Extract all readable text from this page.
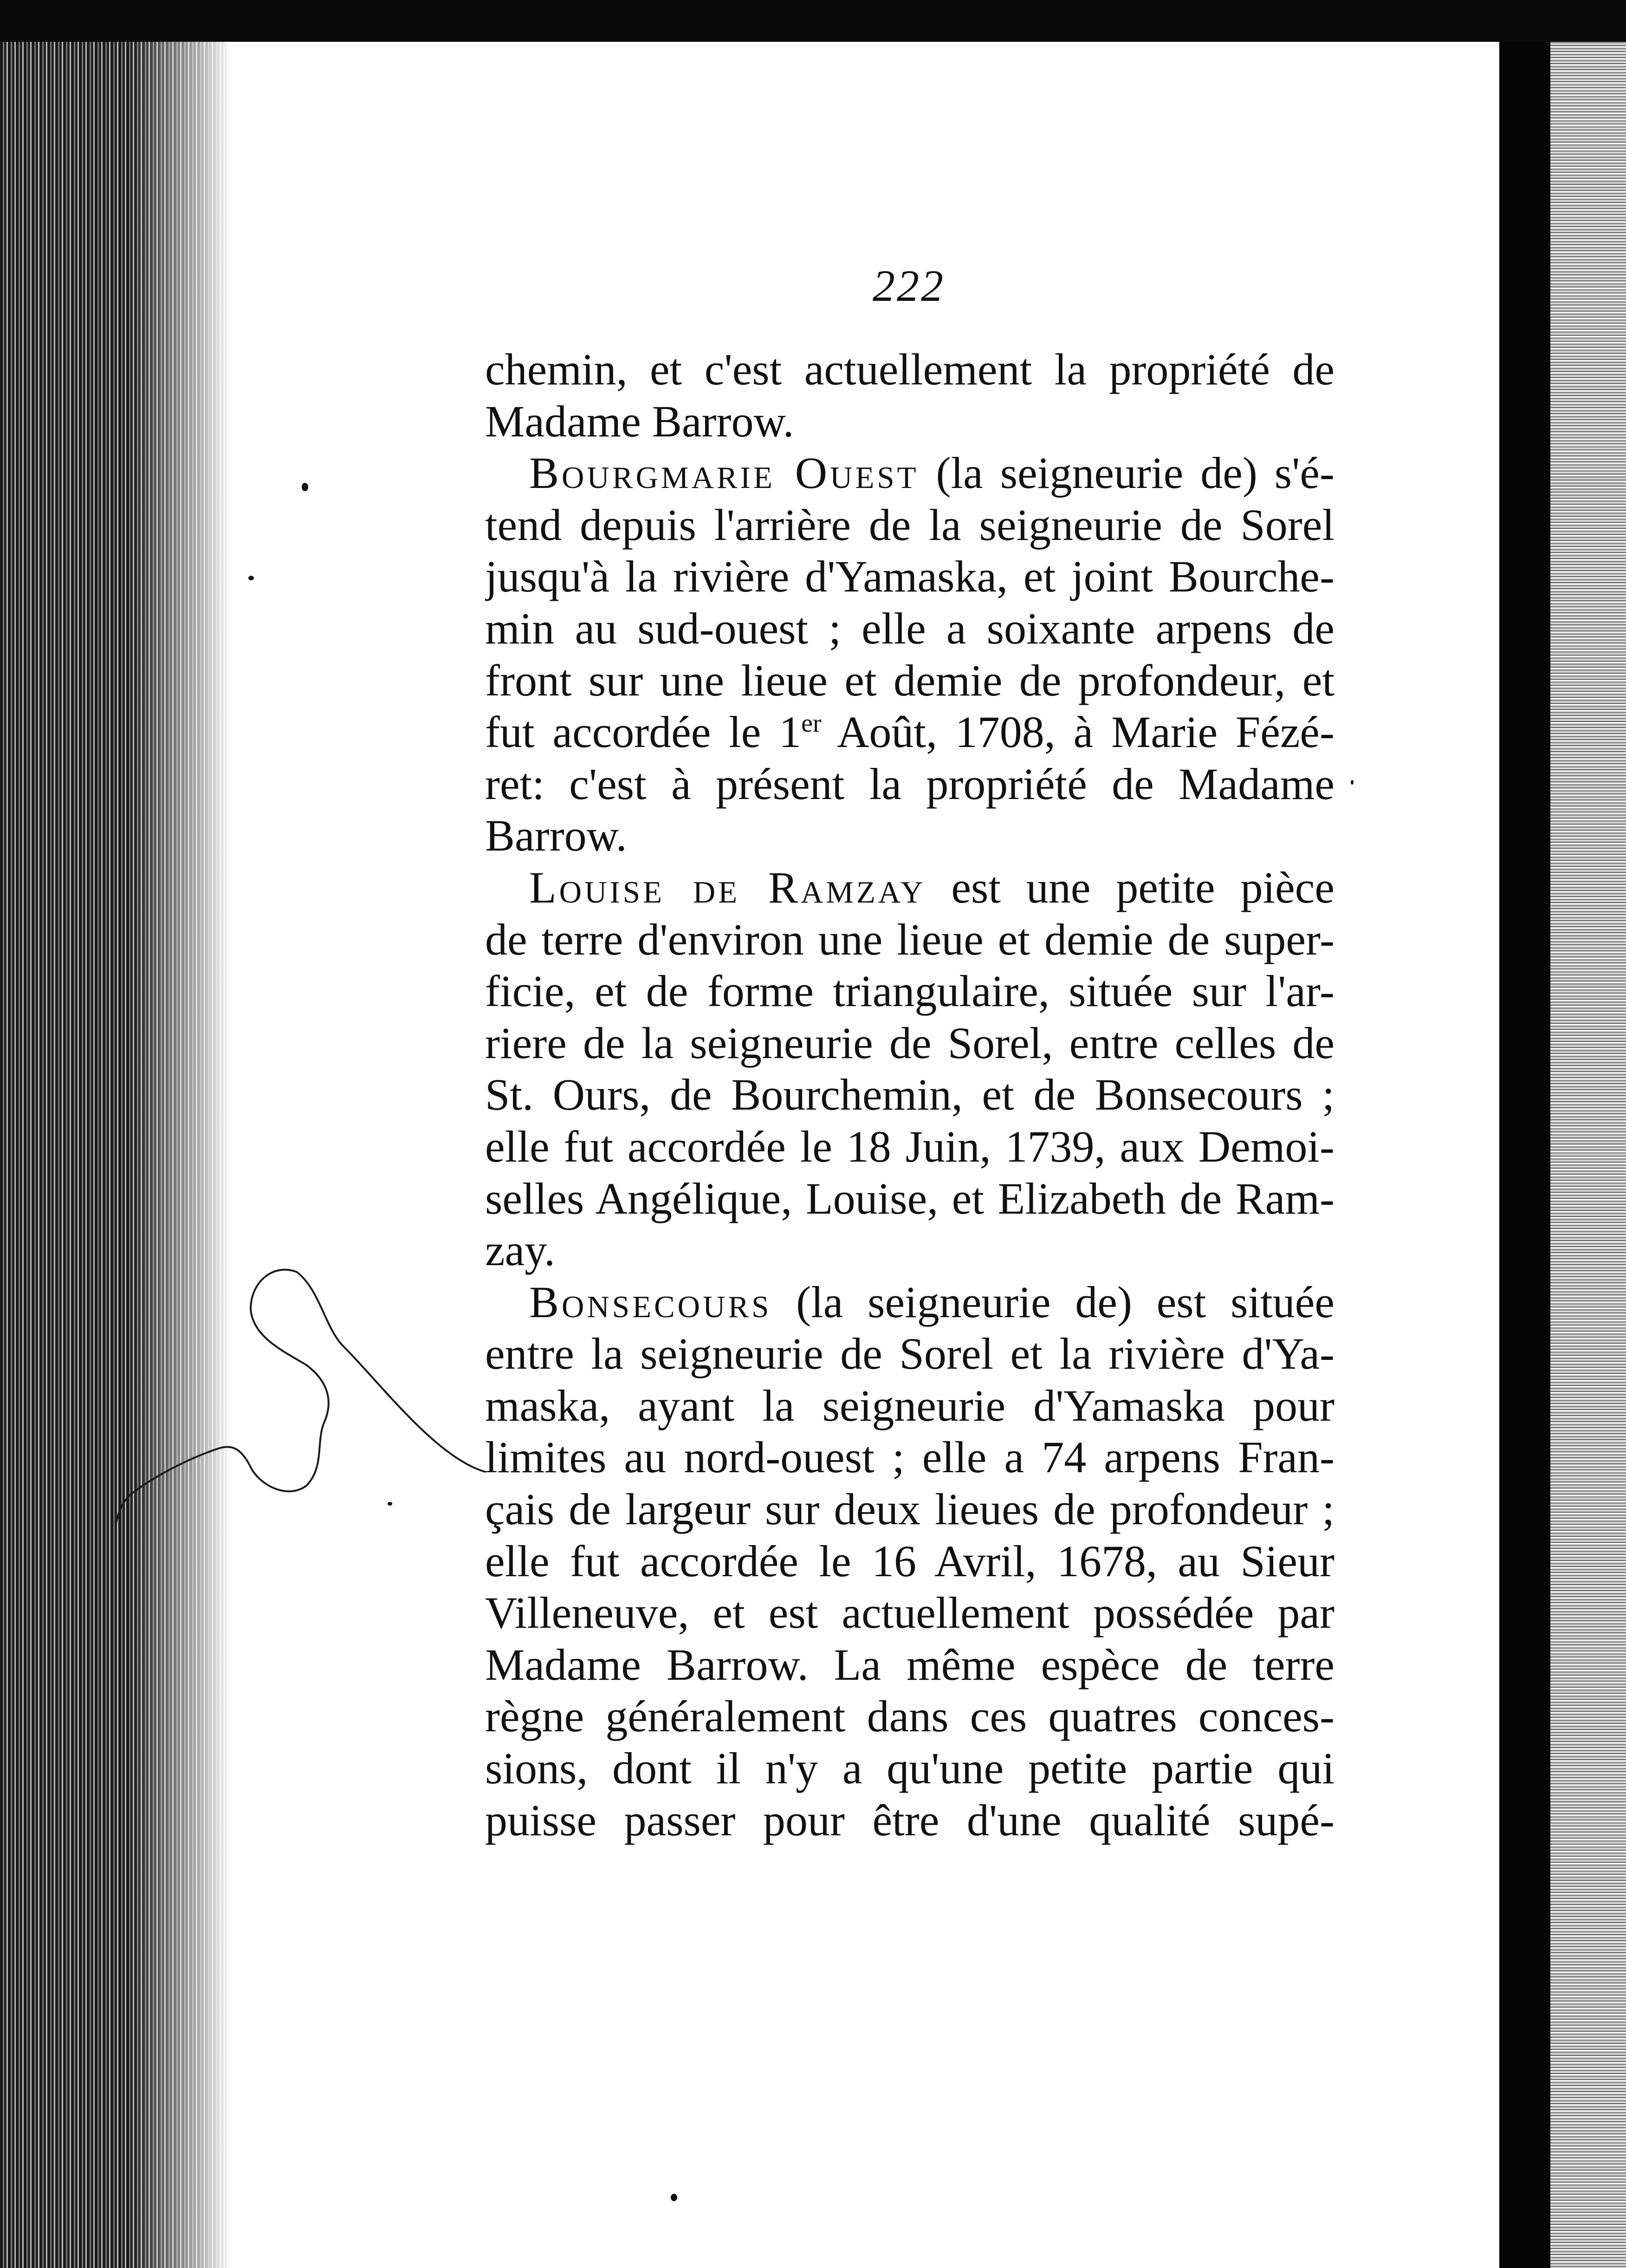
222

chemin, et c'est actuellement la propriété de
Madame Barrow.

Bourgmarie Ouest (la seigneurie de) s'é-
tend depuis l'arrière de la seigneurie de Sorel
jusqu'à la rivière d'Yamaska, et joint Bourche-
min au sud-ouest ; elle a soixante arpens de
front sur une lieue et demie de profondeur, et
fut accordée le 1er Août, 1708, à Marie Fézé-
ret: c'est à présent la propriété de Madame
Barrow.

Louise de Ramzay est une petite pièce
de terre d'environ une lieue et demie de super-
ficie, et de forme triangulaire, située sur l'ar-
riere de la seigneurie de Sorel, entre celles de
St. Ours, de Bourchemin, et de Bonsecours ;
elle fut accordée le 18 Juin, 1739, aux Demoi-
selles Angélique, Louise, et Elizabeth de Ram-
zay.

Bonsecours (la seigneurie de) est située
entre la seigneurie de Sorel et la rivière d'Ya-
maska, ayant la seigneurie d'Yamaska pour
limites au nord-ouest ; elle a 74 arpens Fran-
çais de largeur sur deux lieues de profondeur ;
elle fut accordée le 16 Avril, 1678, au Sieur
Villeneuve, et est actuellement possédée par
Madame Barrow. La même espèce de terre
règne généralement dans ces quatres conces-
sions, dont il n'y a qu'une petite partie qui
puisse passer pour être d'une qualité supé-
